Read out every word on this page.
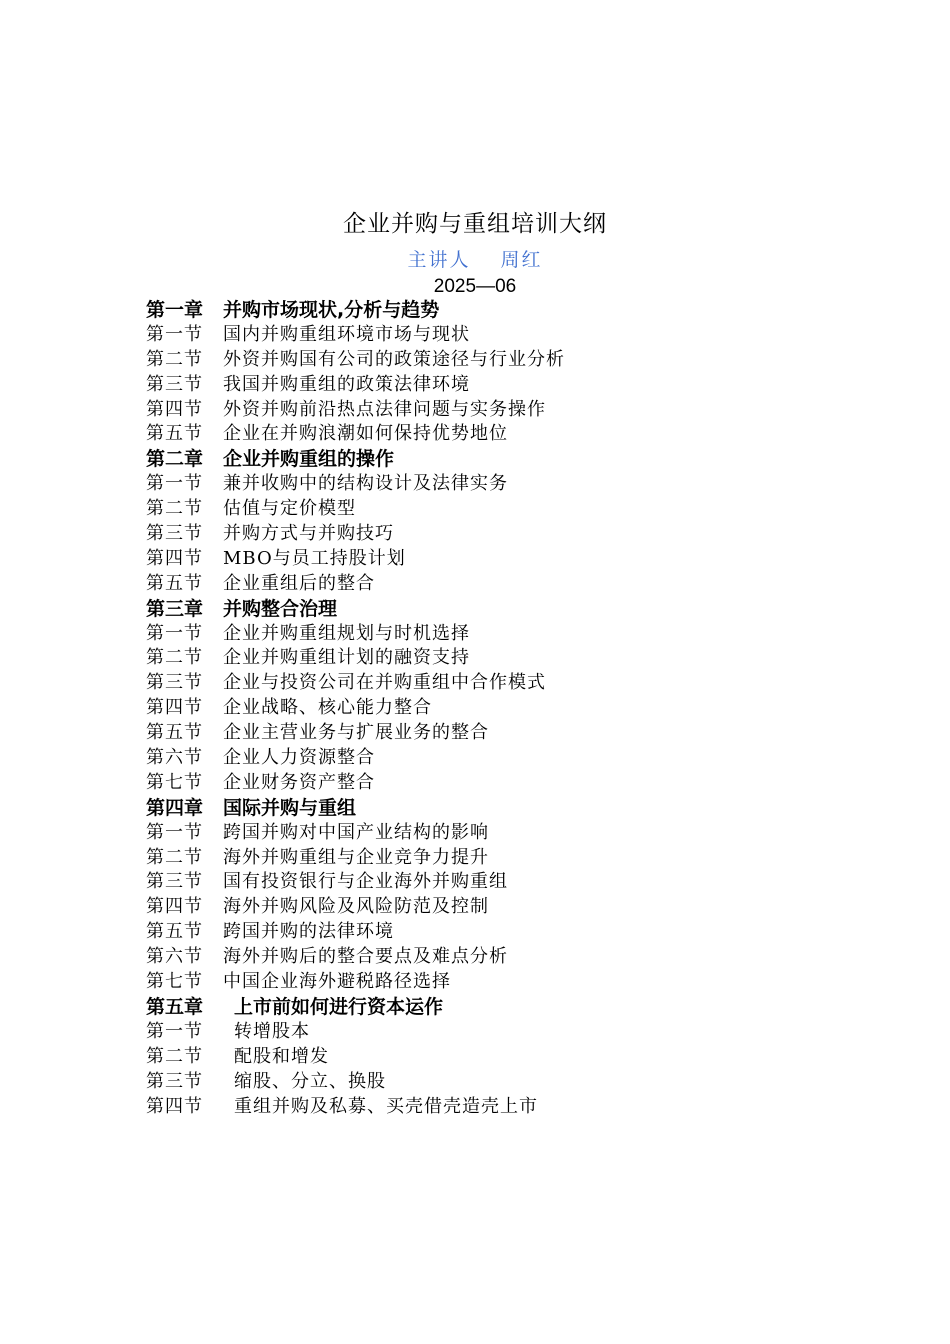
企业并购与重组培训大纲
主讲人 周红
2025—06
第一章 并购市场现状,分析与趋势
第一节 国内并购重组环境市场与现状
第二节 外资并购国有公司的政策途径与行业分析
第三节 我国并购重组的政策法律环境
第四节 外资并购前沿热点法律问题与实务操作
第五节 企业在并购浪潮如何保持优势地位
第二章 企业并购重组的操作
第一节 兼并收购中的结构设计及法律实务
第二节 估值与定价模型
第三节 并购方式与并购技巧
第四节 MBO与员工持股计划
第五节 企业重组后的整合
第三章 并购整合治理
第一节 企业并购重组规划与时机选择
第二节 企业并购重组计划的融资支持
第三节 企业与投资公司在并购重组中合作模式
第四节 企业战略、核心能力整合
第五节 企业主营业务与扩展业务的整合
第六节 企业人力资源整合
第七节 企业财务资产整合
第四章 国际并购与重组
第一节 跨国并购对中国产业结构的影响
第二节 海外并购重组与企业竞争力提升
第三节 国有投资银行与企业海外并购重组
第四节 海外并购风险及风险防范及控制
第五节 跨国并购的法律环境
第六节 海外并购后的整合要点及难点分析
第七节 中国企业海外避税路径选择
第五章 上市前如何进行资本运作
第一节 转增股本
第二节 配股和增发
第三节 缩股、分立、换股
第四节 重组并购及私募、买壳借壳造壳上市
